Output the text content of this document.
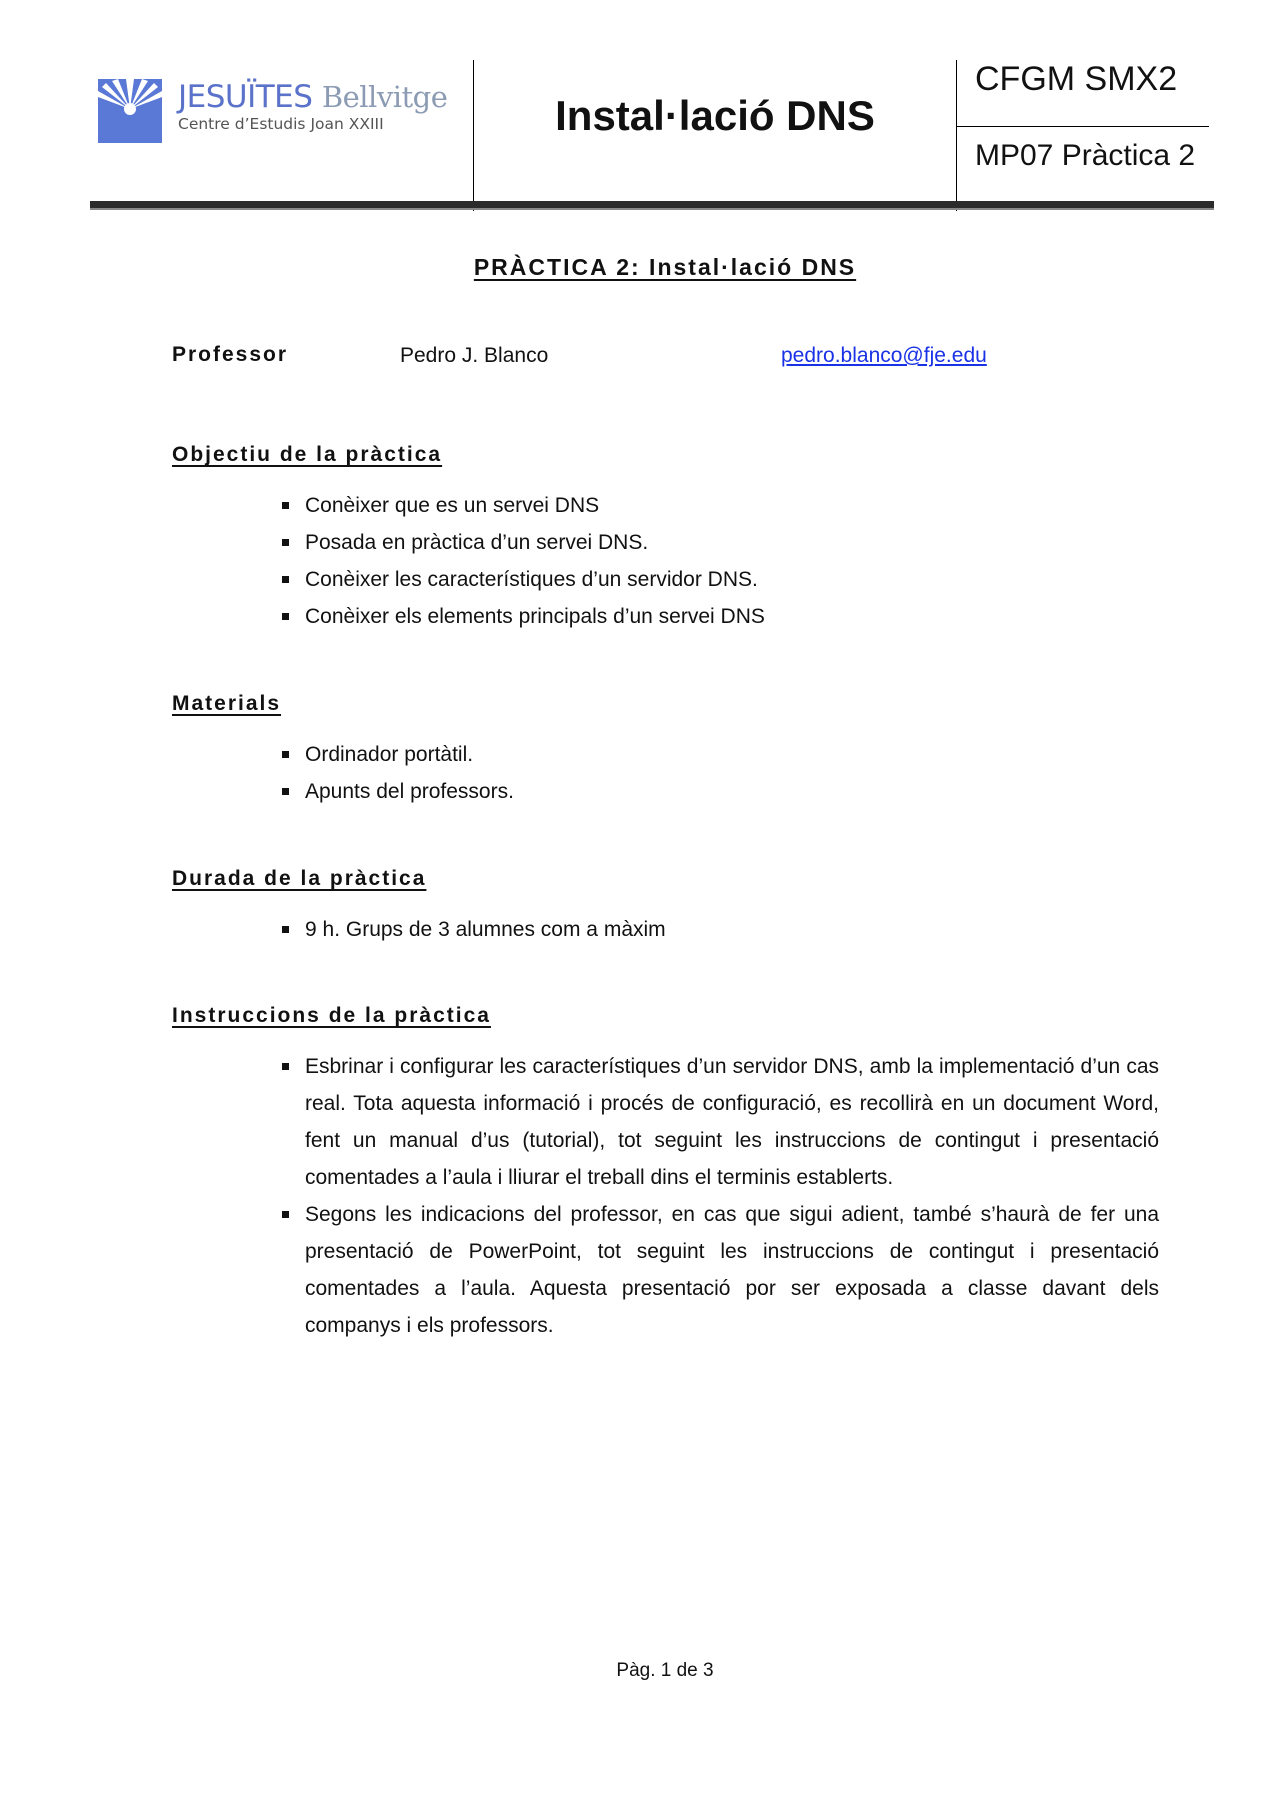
JESUÏTES Bellvitge
Centre d’Estudis Joan XXIII	Instal·lació DNS
CFGM SMX2
MP07 Pràctica 2
PRÀCTICA 2: Instal·lació DNS
Professor	Pedro J. Blanco	pedro.blanco@fje.edu
Objectiu de la pràctica
Conèixer que es un servei DNS
Posada en pràctica d’un servei DNS.
Conèixer les característiques d’un servidor DNS.
Conèixer els elements principals d’un servei DNS
Materials
Ordinador portàtil.
Apunts del professors.
Durada de la pràctica
9 h. Grups de 3 alumnes com a màxim
Instruccions de la pràctica
Esbrinar i configurar les característiques d’un servidor DNS, amb la implementació d’un cas real. Tota aquesta informació i procés de configuració, es recollirà en un document Word, fent un manual d’us (tutorial), tot seguint les instruccions de contingut i presentació comentades a l’aula i lliurar el treball dins el terminis establerts.
Segons les indicacions del professor, en cas que sigui adient, també s’haurà de fer una presentació de PowerPoint, tot seguint les instruccions de contingut i presentació comentades a l’aula. Aquesta presentació por ser exposada a classe davant dels companys i els professors.
Pàg. 1 de 3
